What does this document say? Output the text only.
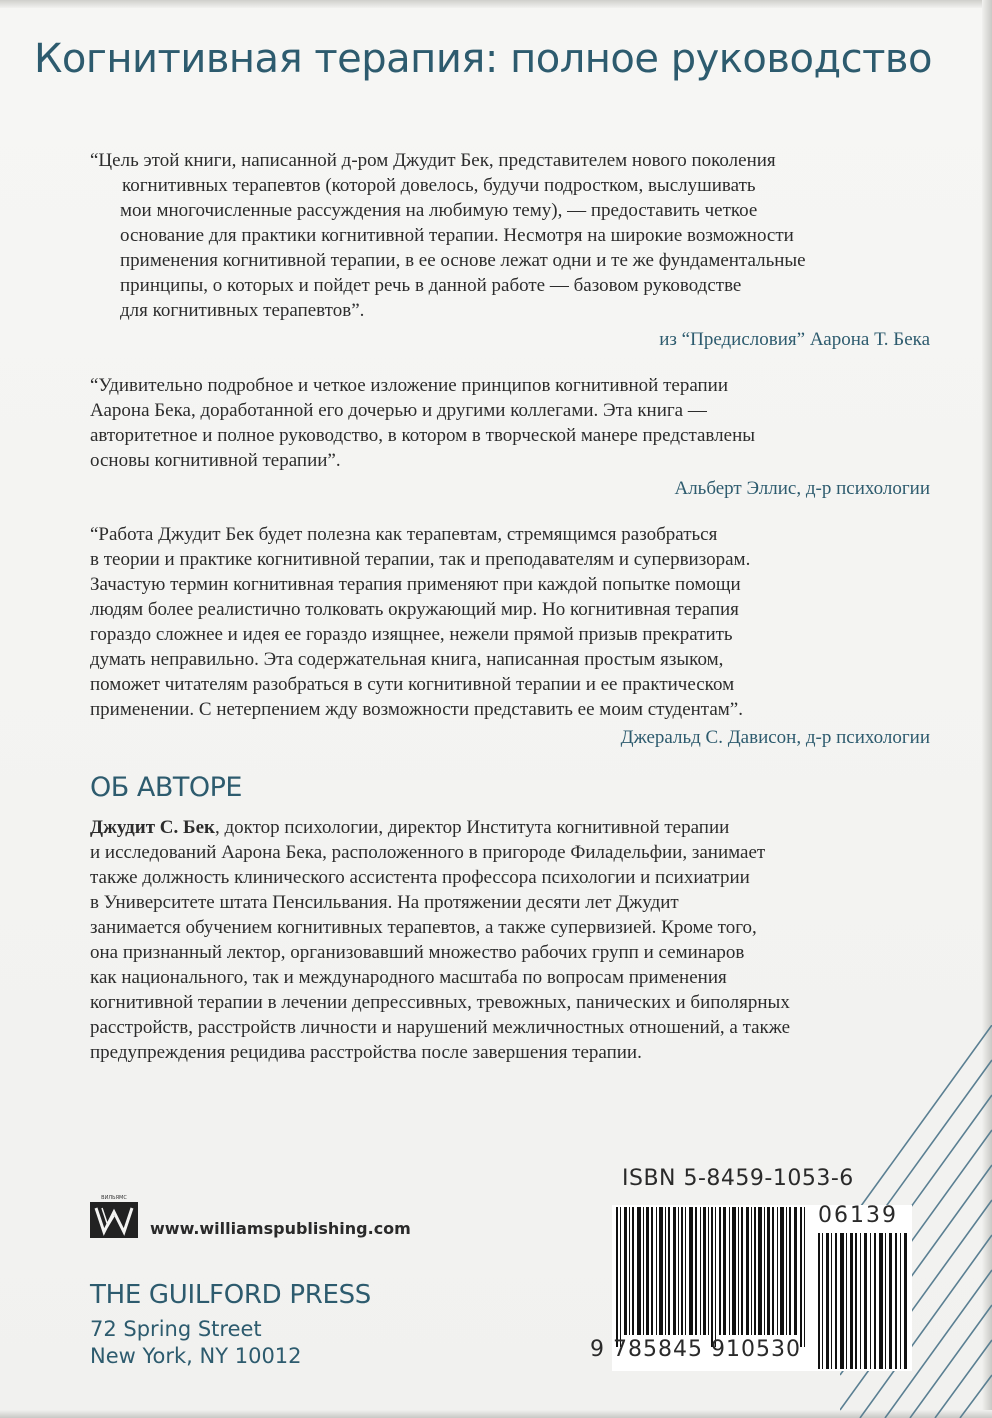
Когнитивная терапия: полное руководство
“Цель этой книги, написанной д-ром Джудит Бек, представителем нового поколения
когнитивных терапевтов (которой довелось, будучи подростком, выслушивать
мои многочисленные рассуждения на любимую тему), — предоставить четкое
основание для практики когнитивной терапии. Несмотря на широкие возможности
применения когнитивной терапии, в ее основе лежат одни и те же фундаментальные
принципы, о которых и пойдет речь в данной работе — базовом руководстве
для когнитивных терапевтов”.
из “Предисловия” Аарона Т. Бека
“Удивительно подробное и четкое изложение принципов когнитивной терапии
Аарона Бека, доработанной его дочерью и другими коллегами. Эта книга —
авторитетное и полное руководство, в котором в творческой манере представлены
основы когнитивной терапии”.
Альберт Эллис, д-р психологии
“Работа Джудит Бек будет полезна как терапевтам, стремящимся разобраться
в теории и практике когнитивной терапии, так и преподавателям и супервизорам.
Зачастую термин когнитивная терапия применяют при каждой попытке помощи
людям более реалистично толковать окружающий мир. Но когнитивная терапия
гораздо сложнее и идея ее гораздо изящнее, нежели прямой призыв прекратить
думать неправильно. Эта содержательная книга, написанная простым языком,
поможет читателям разобраться в сути когнитивной терапии и ее практическом
применении. С нетерпением жду возможности представить ее моим студентам”.
Джеральд С. Дависон, д-р психологии
ОБ АВТОРЕ
Джудит С. Бек, доктор психологии, директор Института когнитивной терапии
и исследований Аарона Бека, расположенного в пригороде Филадельфии, занимает
также должность клинического ассистента профессора психологии и психиатрии
в Университете штата Пенсильвания. На протяжении десяти лет Джудит
занимается обучением когнитивных терапевтов, а также супервизией. Кроме того,
она признанный лектор, организовавший множество рабочих групп и семинаров
как национального, так и международного масштаба по вопросам применения
когнитивной терапии в лечении депрессивных, тревожных, панических и биполярных
расстройств, расстройств личности и нарушений межличностных отношений, а также
предупреждения рецидива расстройства после завершения терапии.
ISBN 5-8459-1053-6
06139
9 785845 910530
ВИЛЬЯМС
www.williamspublishing.com
THE GUILFORD PRESS
72 Spring Street
New York, NY 10012
